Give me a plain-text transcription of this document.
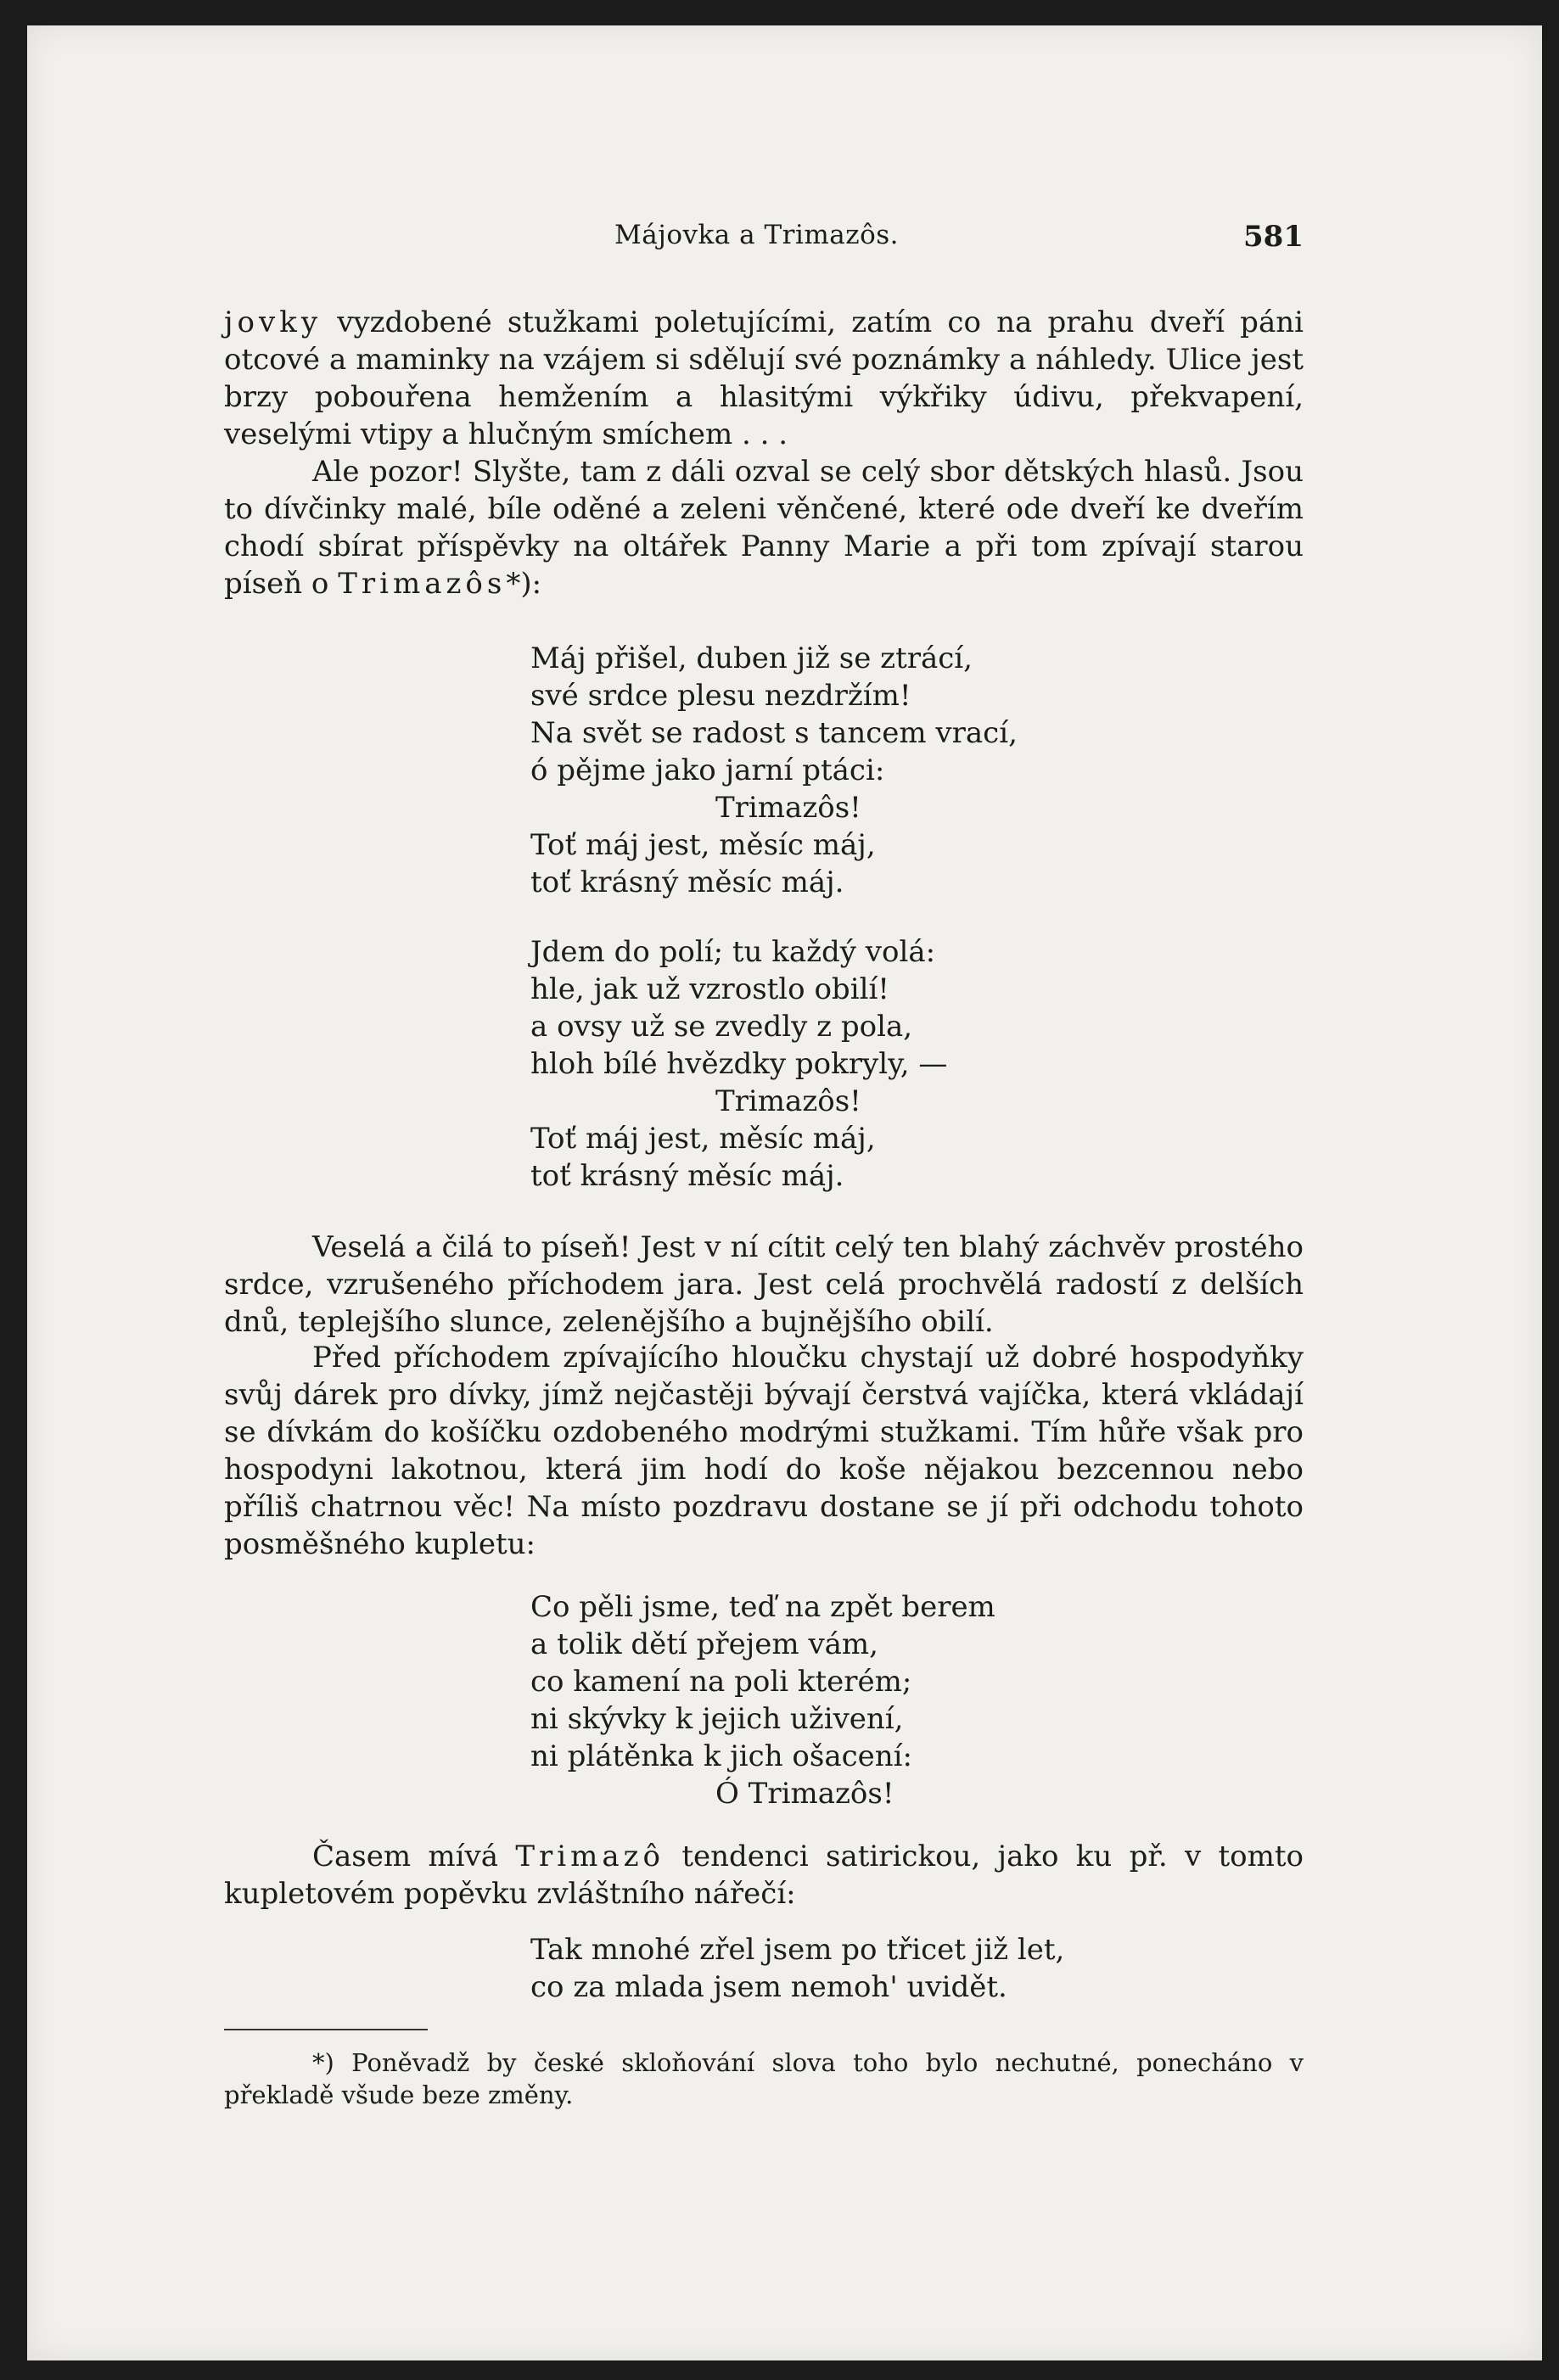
Májovka a Trimazôs.	581

jovky vyzdobené stužkami poletujícími, zatím co na prahu dveří páni otcové a maminky na vzájem si sdělují své poznámky a náhledy. Ulice jest brzy pobouřena hemžením a hlasitými výkřiky údivu, překvapení, veselými vtipy a hlučným smíchem . . .

Ale pozor! Slyšte, tam z dáli ozval se celý sbor dětských hlasů. Jsou to dívčinky malé, bíle oděné a zeleni věnčené, které ode dveří ke dveřím chodí sbírat příspěvky na oltářek Panny Marie a při tom zpívají starou píseň o Trimazôs*):

Máj přišel, duben již se ztrácí,
své srdce plesu nezdržím!
Na svět se radost s tancem vrací,
ó pějme jako jarní ptáci:
Trimazôs!
Toť máj jest, měsíc máj,
toť krásný měsíc máj.
Jdem do polí; tu každý volá:
hle, jak už vzrostlo obilí!
a ovsy už se zvedly z pola,
hloh bílé hvězdky pokryly, —
Trimazôs!
Toť máj jest, měsíc máj,
toť krásný měsíc máj.

Veselá a čilá to píseň! Jest v ní cítit celý ten blahý záchvěv prostého srdce, vzrušeného příchodem jara. Jest celá prochvělá radostí z delších dnů, teplejšího slunce, zelenějšího a bujnějšího obilí.

Před příchodem zpívajícího hloučku chystají už dobré hospodyňky svůj dárek pro dívky, jímž nejčastěji bývají čerstvá vajíčka, která vkládají se dívkám do košíčku ozdobeného modrými stužkami. Tím hůře však pro hospodyni lakotnou, která jim hodí do koše nějakou bezcennou nebo příliš chatrnou věc! Na místo pozdravu dostane se jí při odchodu tohoto posměšného kupletu:

Co pěli jsme, teď na zpět berem
a tolik dětí přejem vám,
co kamení na poli kterém;
ni skývky k jejich uživení,
ni plátěnka k jich ošacení:
Ó Trimazôs!

Časem mívá Trimazô tendenci satirickou, jako ku př. v tomto kupletovém popěvku zvláštního nářečí:

Tak mnohé zřel jsem po třicet již let,
co za mlada jsem nemoh' uvidět.

*) Poněvadž by české skloňování slova toho bylo nechutné, ponecháno v překladě všude beze změny.
